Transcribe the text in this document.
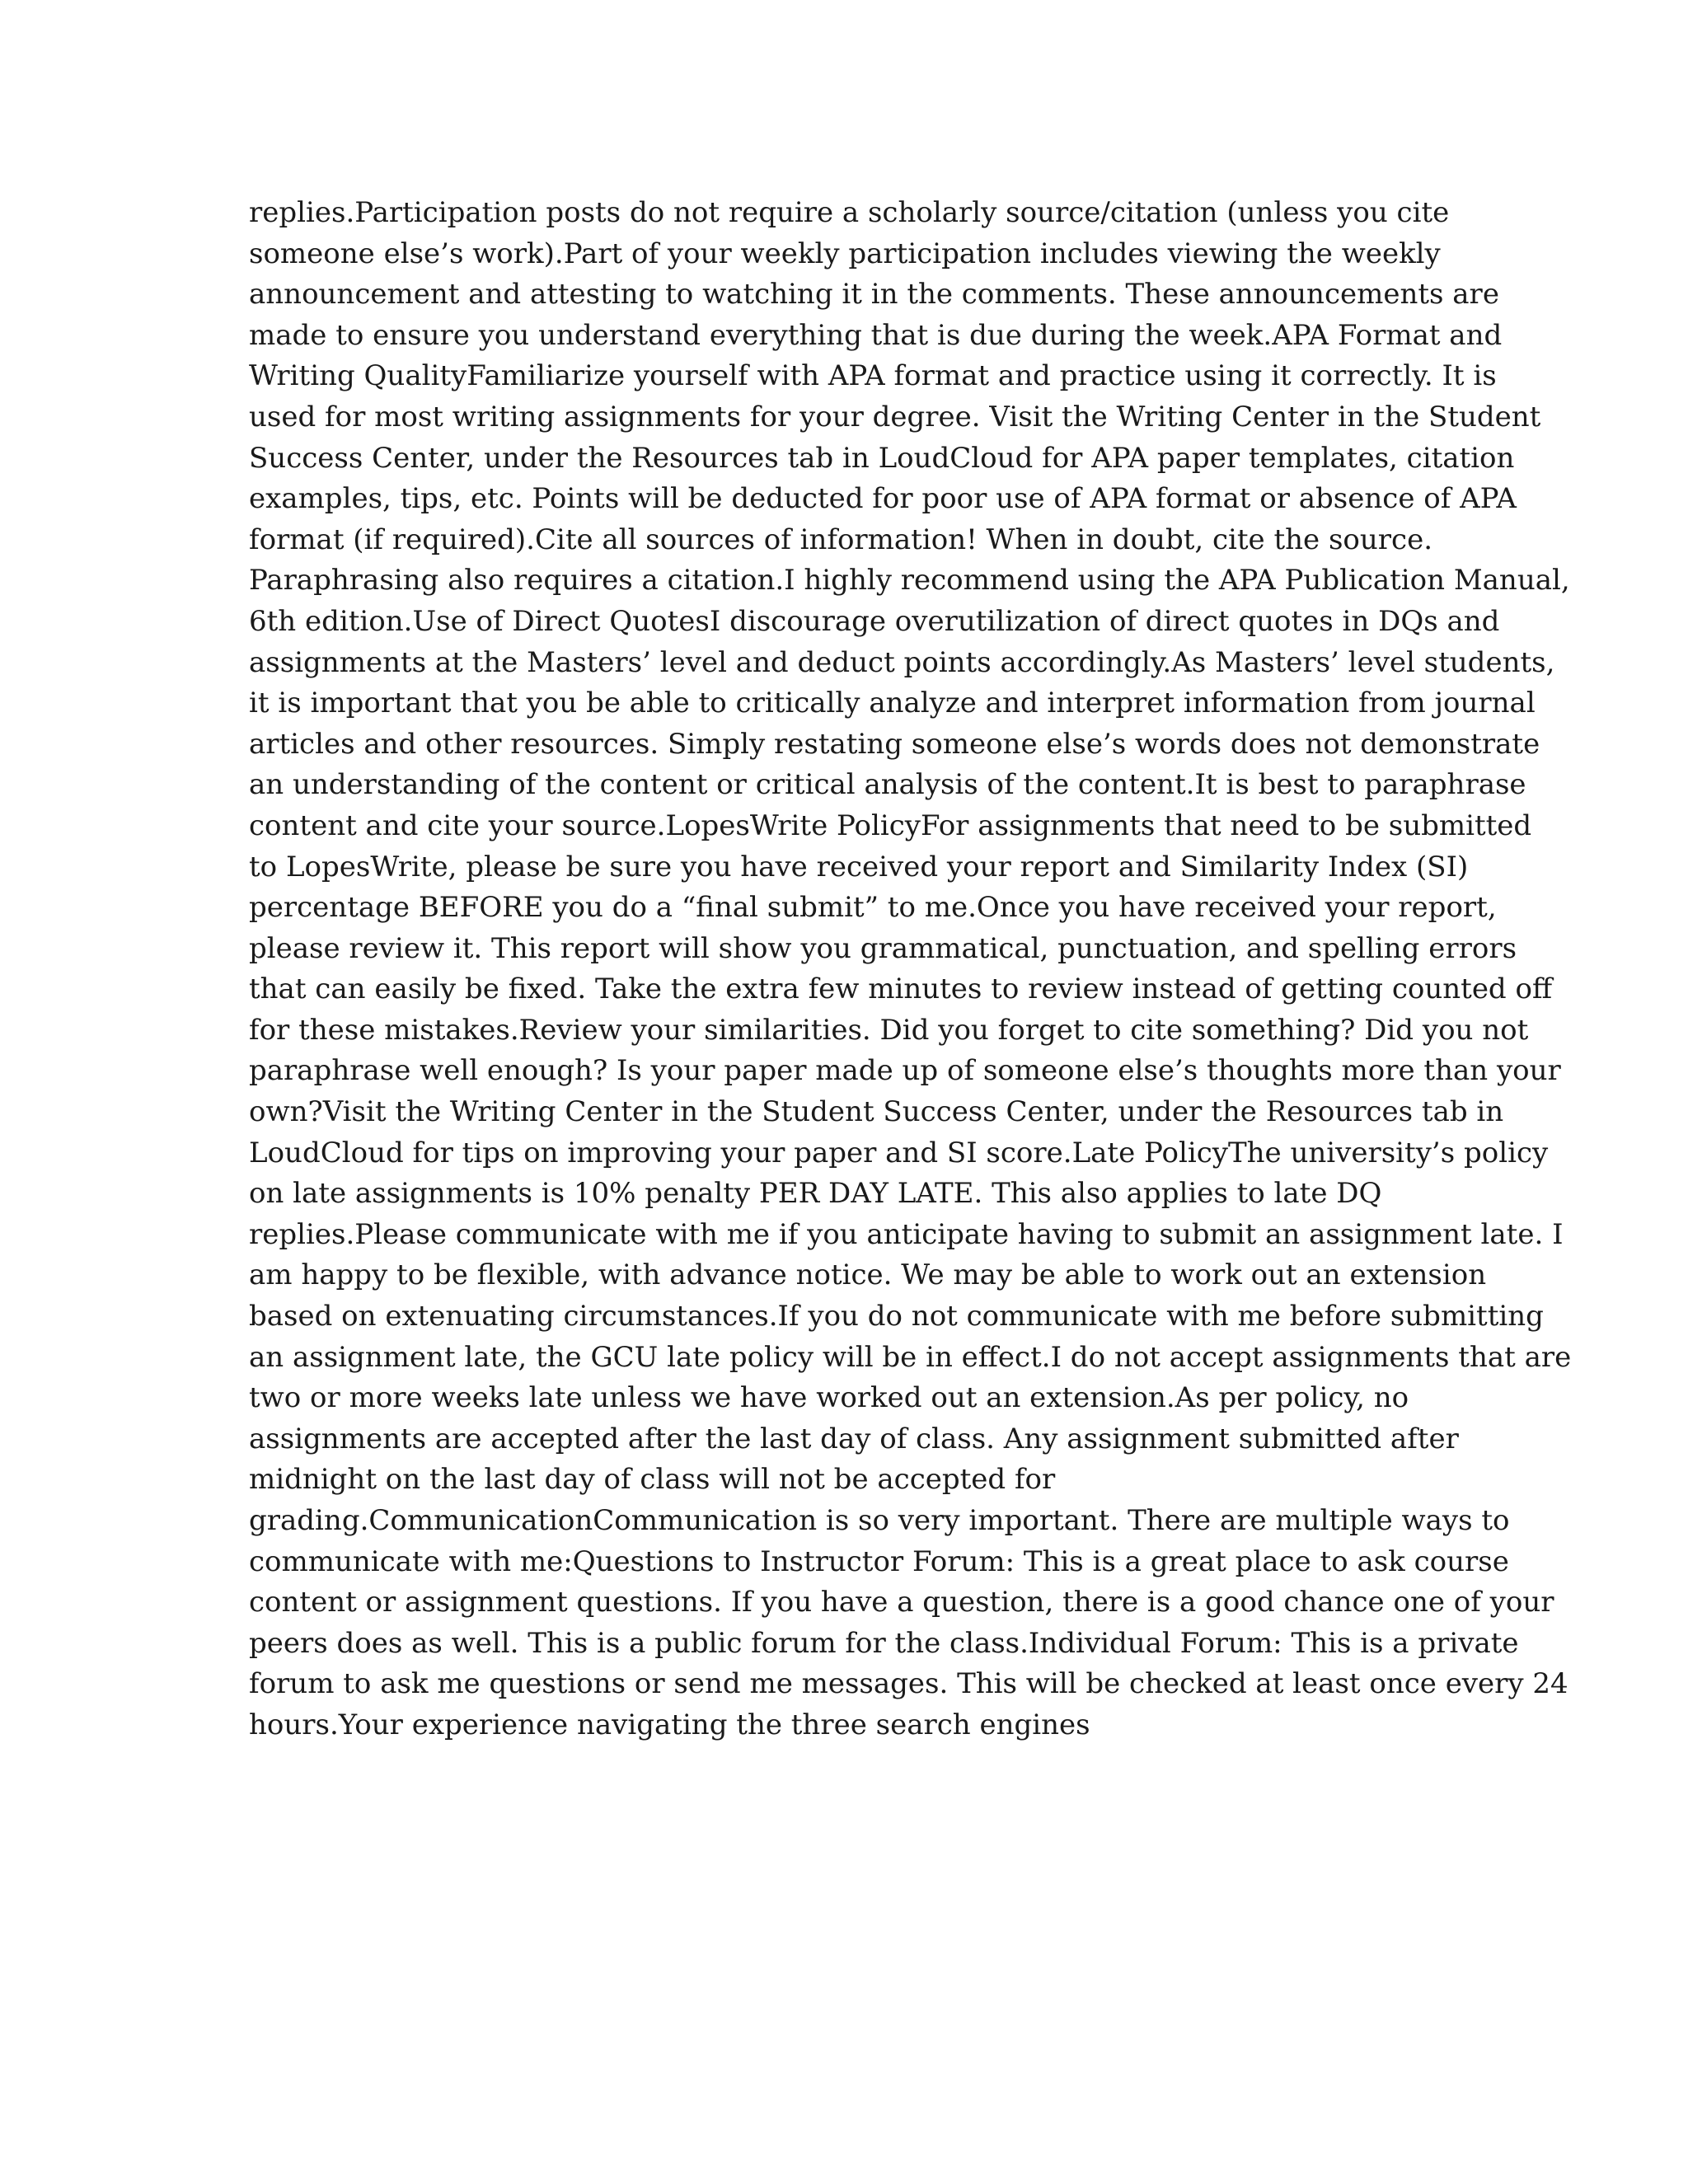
replies.Participation posts do not require a scholarly source/citation (unless you cite
someone else’s work).Part of your weekly participation includes viewing the weekly
announcement and attesting to watching it in the comments. These announcements are
made to ensure you understand everything that is due during the week.APA Format and
Writing QualityFamiliarize yourself with APA format and practice using it correctly. It is
used for most writing assignments for your degree. Visit the Writing Center in the Student
Success Center, under the Resources tab in LoudCloud for APA paper templates, citation
examples, tips, etc. Points will be deducted for poor use of APA format or absence of APA
format (if required).Cite all sources of information! When in doubt, cite the source.
Paraphrasing also requires a citation.I highly recommend using the APA Publication Manual,
6th edition.Use of Direct QuotesI discourage overutilization of direct quotes in DQs and
assignments at the Masters’ level and deduct points accordingly.As Masters’ level students,
it is important that you be able to critically analyze and interpret information from journal
articles and other resources. Simply restating someone else’s words does not demonstrate
an understanding of the content or critical analysis of the content.It is best to paraphrase
content and cite your source.LopesWrite PolicyFor assignments that need to be submitted
to LopesWrite, please be sure you have received your report and Similarity Index (SI)
percentage BEFORE you do a “final submit” to me.Once you have received your report,
please review it. This report will show you grammatical, punctuation, and spelling errors
that can easily be fixed. Take the extra few minutes to review instead of getting counted off
for these mistakes.Review your similarities. Did you forget to cite something? Did you not
paraphrase well enough? Is your paper made up of someone else’s thoughts more than your
own?Visit the Writing Center in the Student Success Center, under the Resources tab in
LoudCloud for tips on improving your paper and SI score.Late PolicyThe university’s policy
on late assignments is 10% penalty PER DAY LATE. This also applies to late DQ
replies.Please communicate with me if you anticipate having to submit an assignment late. I
am happy to be flexible, with advance notice. We may be able to work out an extension
based on extenuating circumstances.If you do not communicate with me before submitting
an assignment late, the GCU late policy will be in effect.I do not accept assignments that are
two or more weeks late unless we have worked out an extension.As per policy, no
assignments are accepted after the last day of class. Any assignment submitted after
midnight on the last day of class will not be accepted for
grading.CommunicationCommunication is so very important. There are multiple ways to
communicate with me:Questions to Instructor Forum: This is a great place to ask course
content or assignment questions. If you have a question, there is a good chance one of your
peers does as well. This is a public forum for the class.Individual Forum: This is a private
forum to ask me questions or send me messages. This will be checked at least once every 24
hours.Your experience navigating the three search engines
